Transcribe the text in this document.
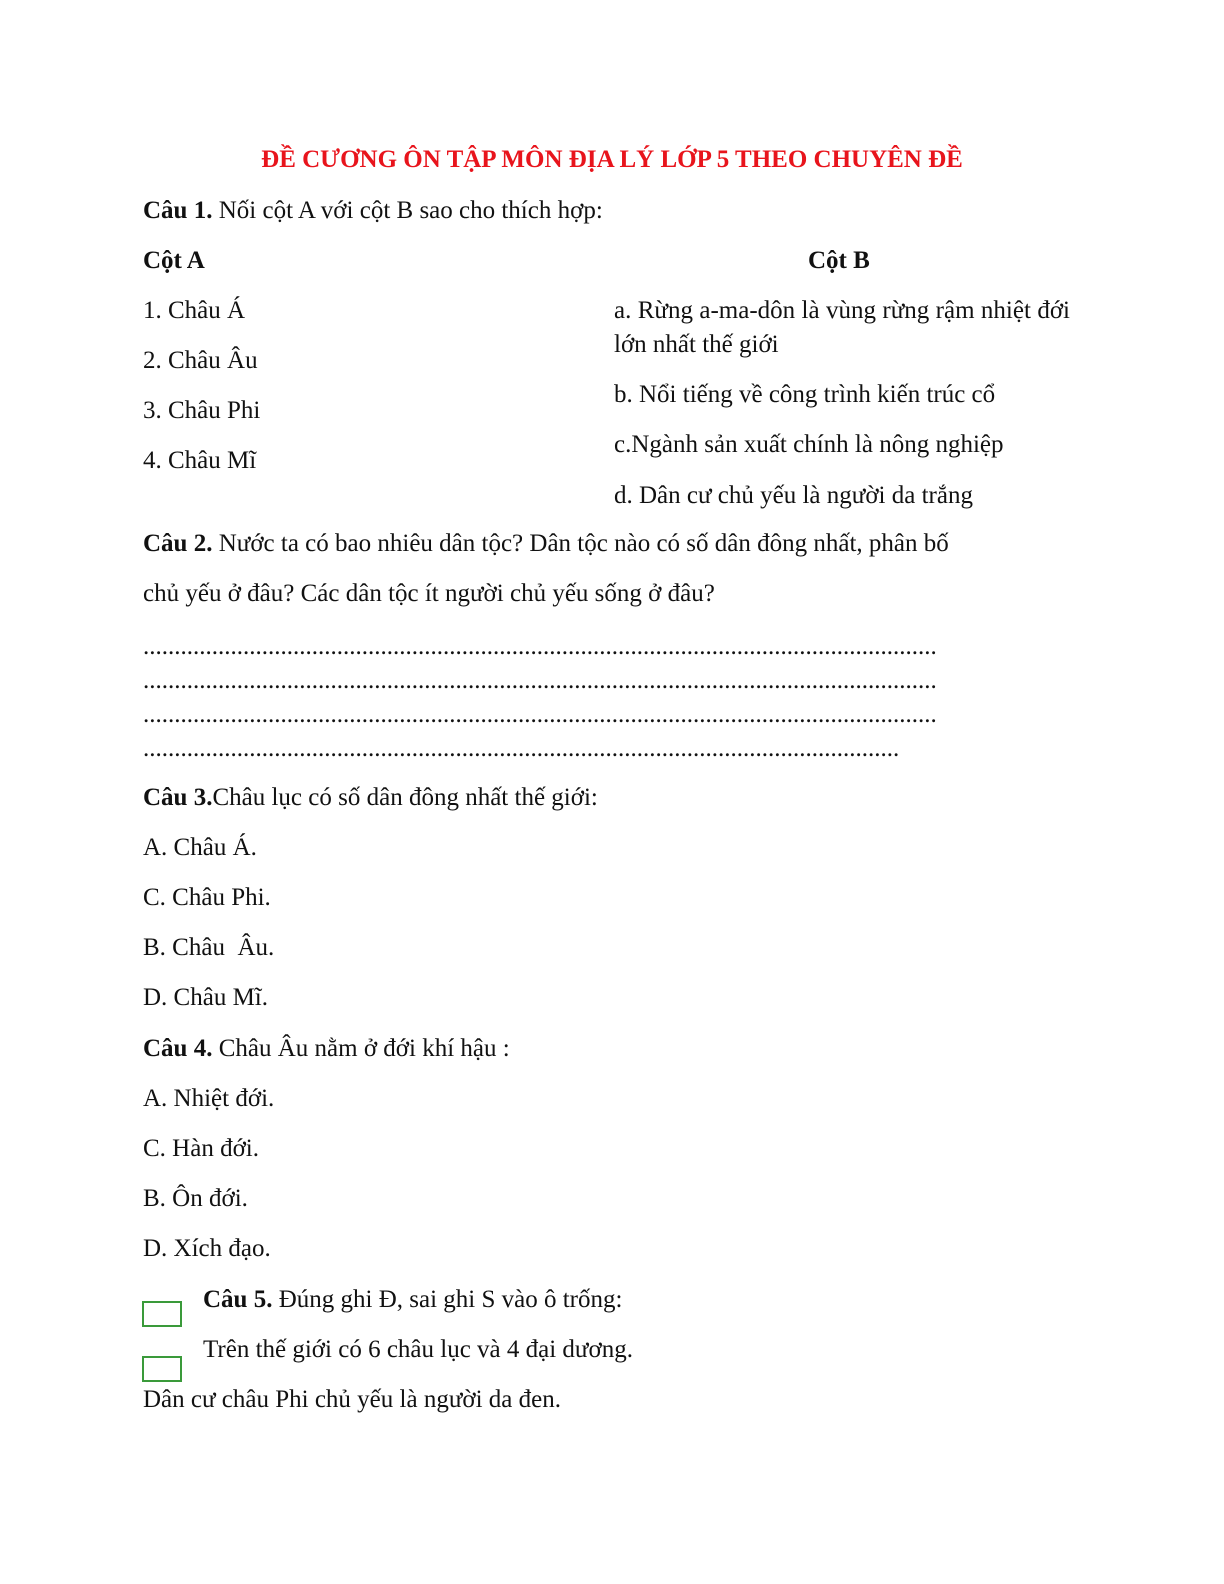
ĐỀ CƯƠNG ÔN TẬP MÔN ĐỊA LÝ LỚP 5 THEO CHUYÊN ĐỀ
Câu 1. Nối cột A với cột B sao cho thích hợp:
Cột A	Cột B
1. Châu Á
2. Châu Âu
3. Châu Phi
4. Châu Mĩ
a. Rừng a-ma-dôn là vùng rừng rậm nhiệt đới lớn nhất thế giới
b. Nổi tiếng về công trình kiến trúc cổ
c.Ngành sản xuất chính là nông nghiệp
d. Dân cư chủ yếu là người da trắng
Câu 2. Nước ta có bao nhiêu dân tộc? Dân tộc nào có số dân đông nhất, phân bố
chủ yếu ở đâu? Các dân tộc ít người chủ yếu sống ở đâu?
...............................................................................................................................
...............................................................................................................................
...............................................................................................................................
.........................................................................................................................
Câu 3.Châu lục có số dân đông nhất thế giới:
A. Châu Á.
C. Châu Phi.
B. Châu  Âu.
D. Châu Mĩ.
Câu 4. Châu Âu nằm ở đới khí hậu :
A. Nhiệt đới.
C. Hàn đới.
B. Ôn đới.
D. Xích đạo.
Câu 5. Đúng ghi Đ, sai ghi S vào ô trống:
Trên thế giới có 6 châu lục và 4 đại dương.
Dân cư châu Phi chủ yếu là người da đen.
